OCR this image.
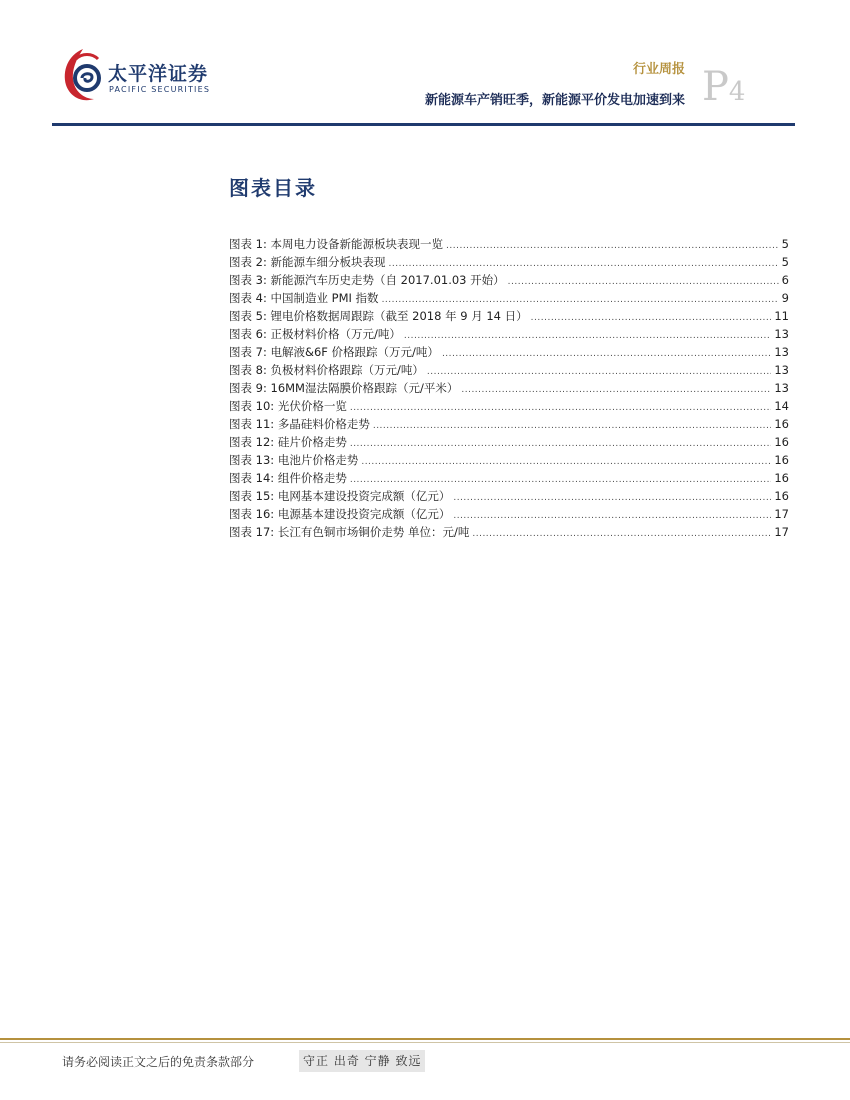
太平洋证券
PACIFIC SECURITIES
行业周报
新能源车产销旺季，新能源平价发电加速到来 P4
图表目录
图表 1: 本周电力设备新能源板块表现一览 .....	5
图表 2: 新能源车细分板块表现 .....	5
图表 3: 新能源汽车历史走势（自 2017.01.03 开始） .....	6
图表 4: 中国制造业 PMI 指数 .....	9
图表 5: 锂电价格数据周跟踪（截至 2018 年 9 月 14 日） .....	11
图表 6: 正极材料价格（万元/吨） .....	13
图表 7: 电解液&6F 价格跟踪（万元/吨） .....	13
图表 8: 负极材料价格跟踪（万元/吨） .....	13
图表 9: 16MM湿法隔膜价格跟踪（元/平米） .....	13
图表 10: 光伏价格一览 .....	14
图表 11: 多晶硅料价格走势 .....	16
图表 12: 硅片价格走势 .....	16
图表 13: 电池片价格走势 .....	16
图表 14: 组件价格走势 .....	16
图表 15: 电网基本建设投资完成额（亿元） .....	16
图表 16: 电源基本建设投资完成额（亿元） .....	17
图表 17: 长江有色铜市场铜价走势 单位：元/吨 .....	17
请务必阅读正文之后的免责条款部分	守正 出奇 宁静 致远
